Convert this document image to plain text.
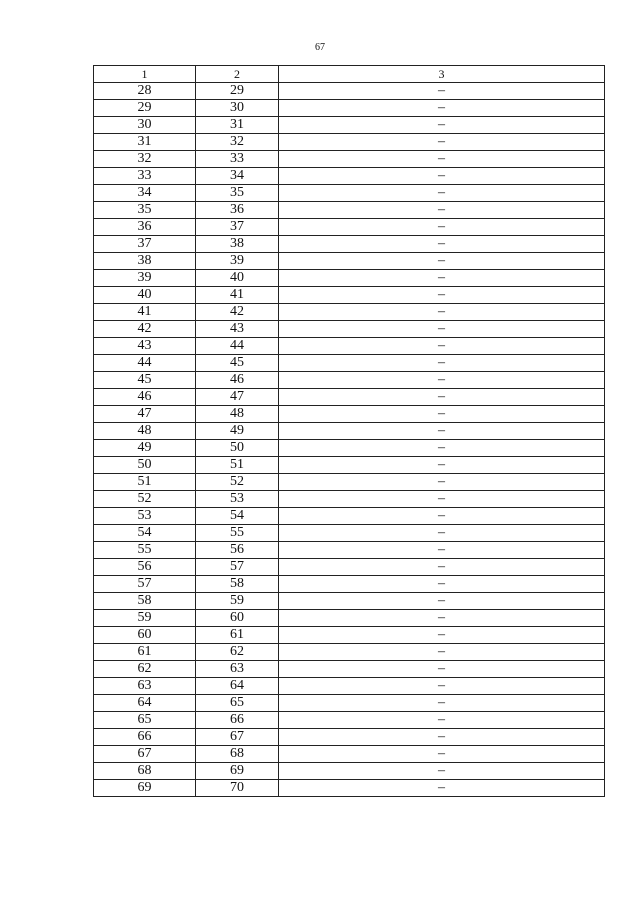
67
1	2	3
28	29	–
29	30	–
30	31	–
31	32	–
32	33	–
33	34	–
34	35	–
35	36	–
36	37	–
37	38	–
38	39	–
39	40	–
40	41	–
41	42	–
42	43	–
43	44	–
44	45	–
45	46	–
46	47	–
47	48	–
48	49	–
49	50	–
50	51	–
51	52	–
52	53	–
53	54	–
54	55	–
55	56	–
56	57	–
57	58	–
58	59	–
59	60	–
60	61	–
61	62	–
62	63	–
63	64	–
64	65	–
65	66	–
66	67	–
67	68	–
68	69	–
69	70	–
